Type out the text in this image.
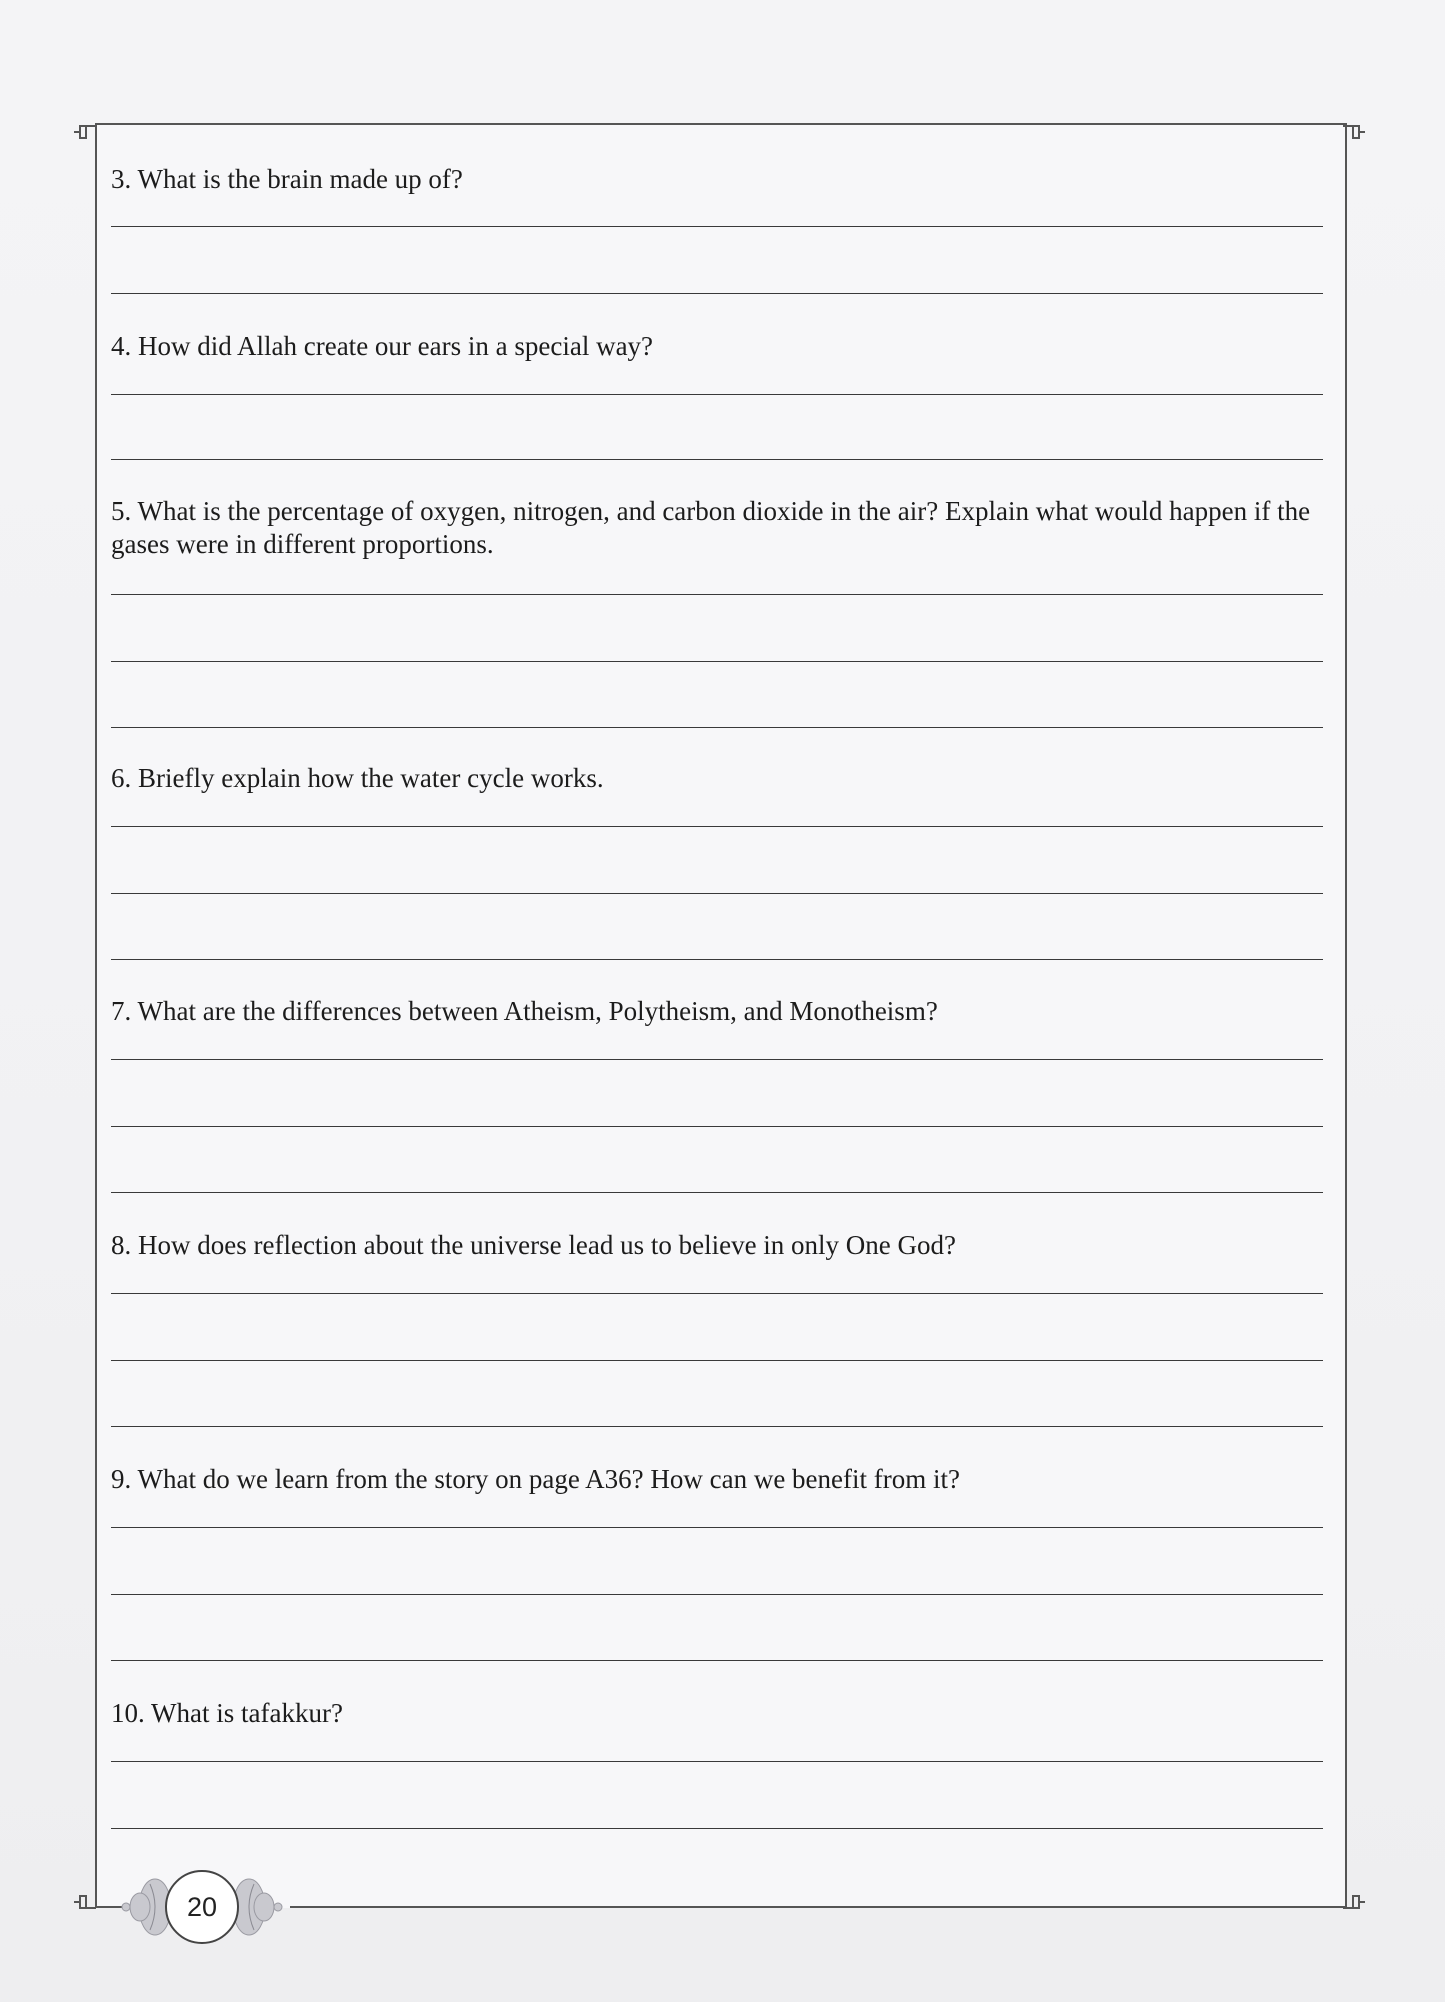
3. What is the brain made up of?

4. How did Allah create our ears in a special way?

5. What is the percentage of oxygen, nitrogen, and carbon dioxide in the air? Explain what would happen if the gases were in different proportions.

6. Briefly explain how the water cycle works.

7. What are the differences between Atheism, Polytheism, and Monotheism?

8. How does reflection about the universe lead us to believe in only One God?

9. What do we learn from the story on page A36? How can we benefit from it?

10. What is tafakkur?

20
